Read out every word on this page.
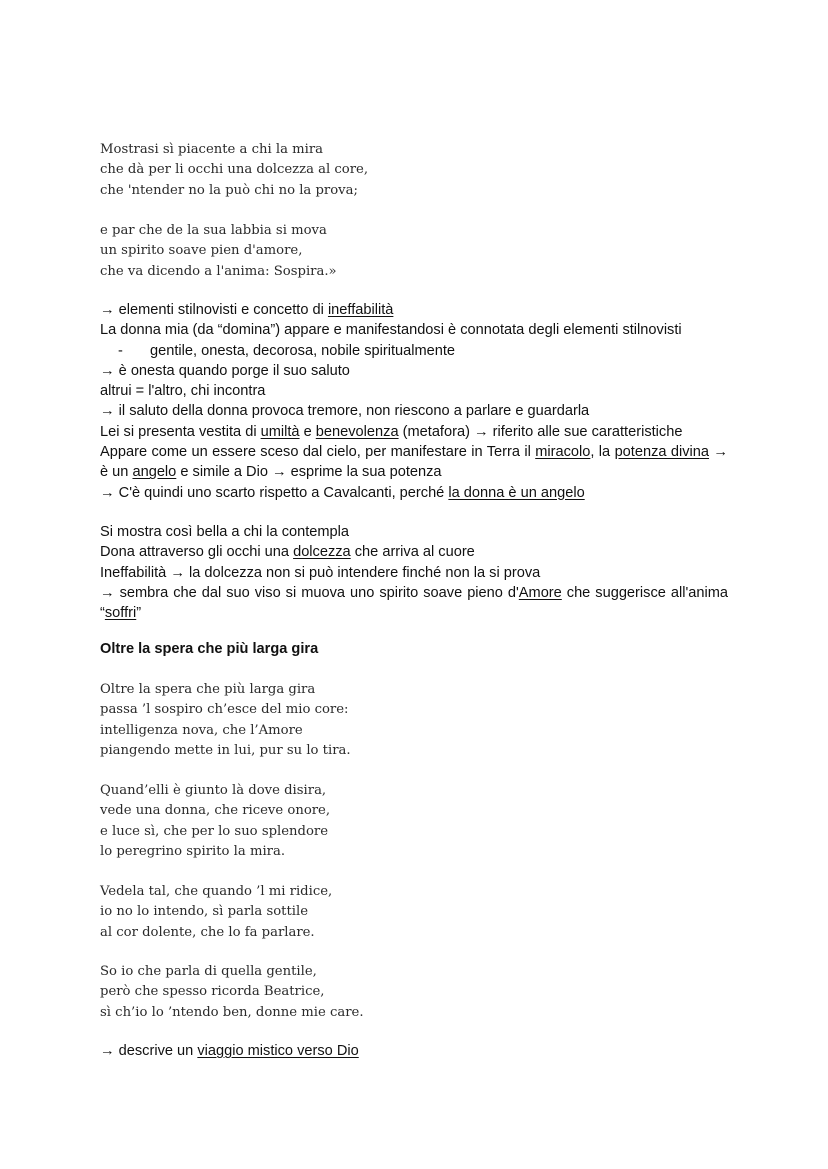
Mostrasi sì piacente a chi la mira
che dà per li occhi una dolcezza al core,
che 'ntender no la può chi no la prova;
e par che de la sua labbia si mova
un spirito soave pien d'amore,
che va dicendo a l'anima: Sospira.»
→ elementi stilnovisti e concetto di ineffabilità
La donna mia (da “domina”) appare e manifestandosi è connotata degli elementi stilnovisti
- gentile, onesta, decorosa, nobile spiritualmente
→ è onesta quando porge il suo saluto
altrui = l'altro, chi incontra
→ il saluto della donna provoca tremore, non riescono a parlare e guardarla
Lei si presenta vestita di umiltà e benevolenza (metafora) → riferito alle sue caratteristiche
Appare come un essere sceso dal cielo, per manifestare in Terra il miracolo, la potenza divina → è un angelo e simile a Dio → esprime la sua potenza
→ C'è quindi uno scarto rispetto a Cavalcanti, perché la donna è un angelo
Si mostra così bella a chi la contempla
Dona attraverso gli occhi una dolcezza che arriva al cuore
Ineffabilità → la dolcezza non si può intendere finché non la si prova
→ sembra che dal suo viso si muova uno spirito soave pieno d'Amore che suggerisce all'anima “soffri”
Oltre la spera che più larga gira
Oltre la spera che più larga gira
passa ’l sospiro ch’esce del mio core:
intelligenza nova, che l’Amore
piangendo mette in lui, pur su lo tira.
Quand’elli è giunto là dove disira,
vede una donna, che riceve onore,
e luce sì, che per lo suo splendore
lo peregrino spirito la mira.
Vedela tal, che quando ’l mi ridice,
io no lo intendo, sì parla sottile
al cor dolente, che lo fa parlare.
So io che parla di quella gentile,
però che spesso ricorda Beatrice,
sì ch’io lo ’ntendo ben, donne mie care.
→ descrive un viaggio mistico verso Dio
